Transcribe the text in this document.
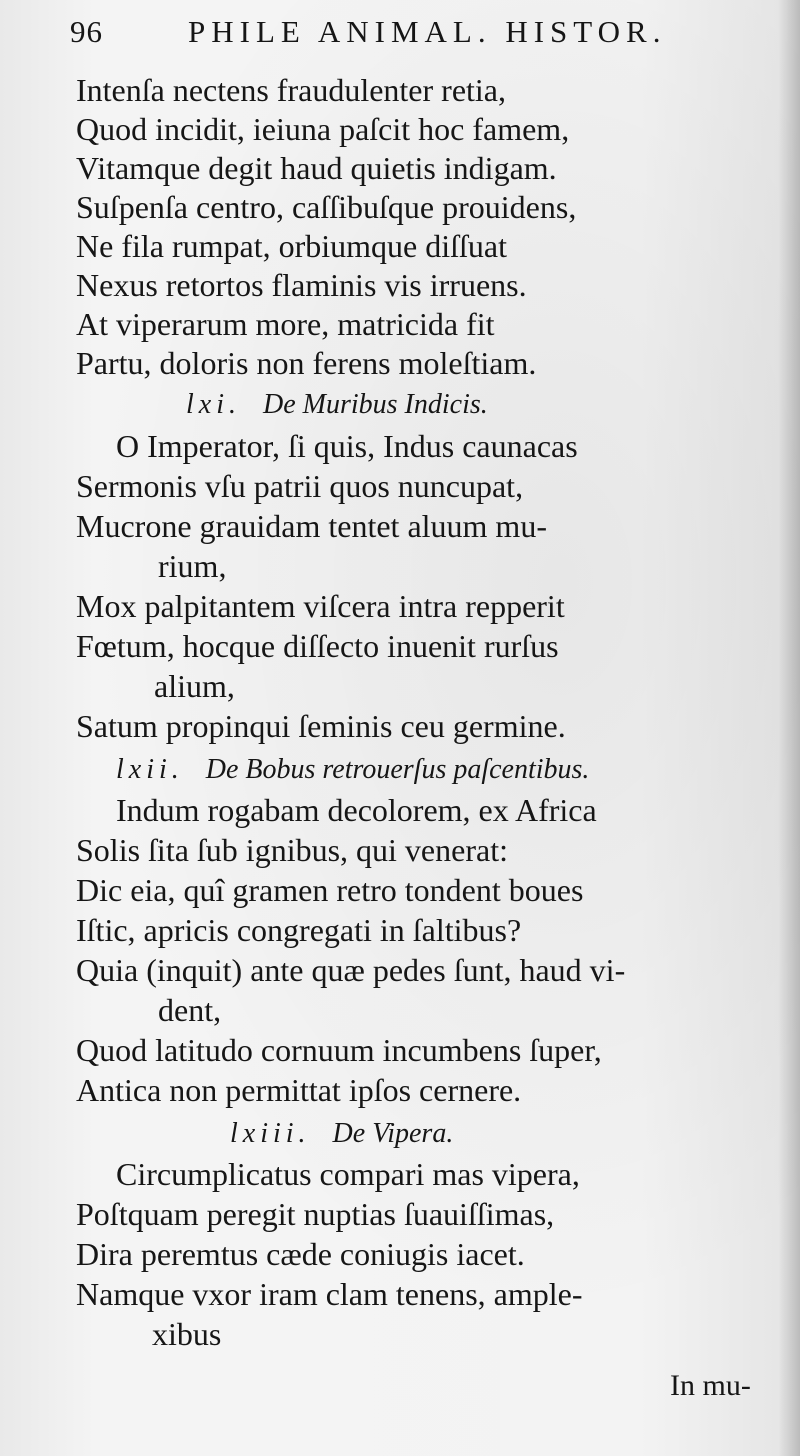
96	PHILE ANIMAL. HISTOR.
Intenſa nectens fraudulenter retia,
Quod incidit, ieiuna paſcit hoc famem,
Vitamque degit haud quietis indigam.
Suſpenſa centro, caſſibuſque prouidens,
Ne fila rumpat, orbiumque diſſuat
Nexus retortos flaminis vis irruens.
At viperarum more, matricida fit
Partu, doloris non ferens moleſtiam.
lxi. De Muribus Indicis.
O Imperator, ſi quis, Indus caunacas
Sermonis vſu patrii quos nuncupat,
Mucrone grauidam tentet aluum mu-
rium,
Mox palpitantem viſcera intra repperit
Fœtum, hocque diſſecto inuenit rurſus
alium,
Satum propinqui ſeminis ceu germine.
lxii. De Bobus retrouerſus paſcentibus.
Indum rogabam decolorem, ex Africa
Solis ſita ſub ignibus, qui venerat:
Dic eia, quî gramen retro tondent boues
Iſtic, apricis congregati in ſaltibus?
Quia (inquit) ante quæ pedes ſunt, haud vi-
dent,
Quod latitudo cornuum incumbens ſuper,
Antica non permittat ipſos cernere.
lxiii. De Vipera.
Circumplicatus compari mas vipera,
Poſtquam peregit nuptias ſuauiſſimas,
Dira peremtus cæde coniugis iacet.
Namque vxor iram clam tenens, ample-
xibus
In mu-
